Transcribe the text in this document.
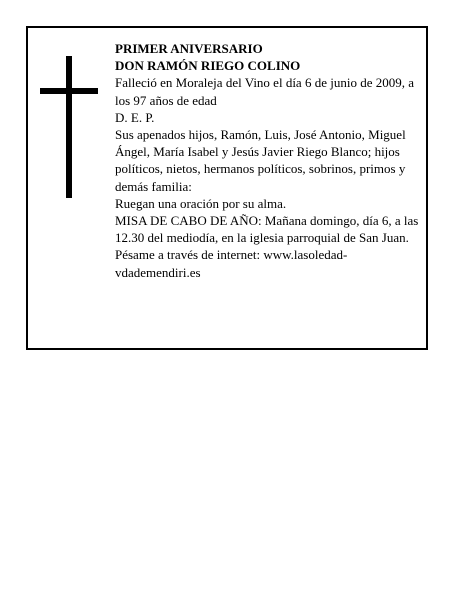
PRIMER ANIVERSARIO

DON RAMÓN RIEGO COLINO

Falleció en Moraleja del Vino el día 6 de junio de 2009, a los 97 años de edad

D. E. P.

Sus apenados hijos, Ramón, Luis, José Antonio, Miguel Ángel, María Isabel y Jesús Javier Riego Blanco; hijos políticos, nietos, hermanos políticos, sobrinos, primos y demás familia:

Ruegan una oración por su alma.

MISA DE CABO DE AÑO: Mañana domingo, día 6, a las 12.30 del mediodía, en la iglesia parroquial de San Juan.

Pésame a través de internet: www.lasoledad-

vdademendiri.es
